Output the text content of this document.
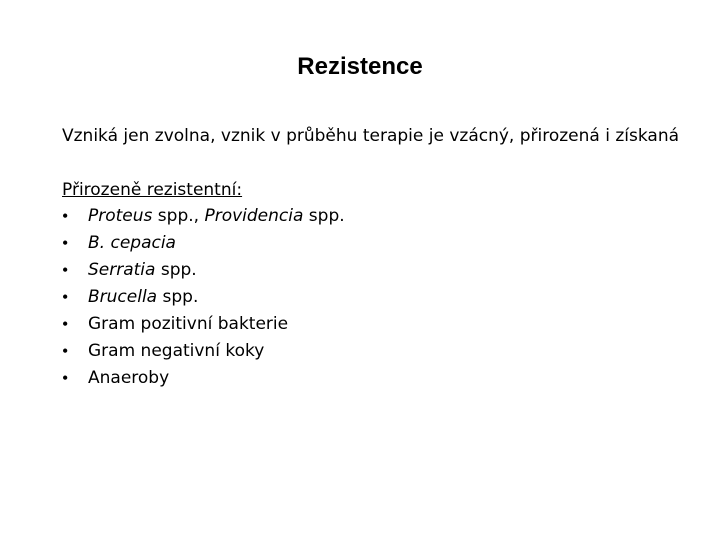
Rezistence
Vzniká jen zvolna, vznik v průběhu terapie je vzácný, přirozená i získaná
Přirozeně rezistentní:
• Proteus spp., Providencia spp.
• B. cepacia
• Serratia spp.
• Brucella spp.
• Gram pozitivní bakterie
• Gram negativní koky
• Anaeroby
